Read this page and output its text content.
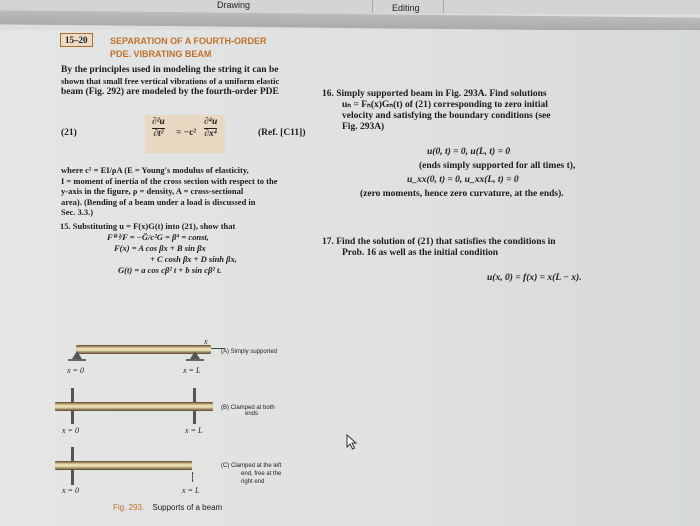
Drawing	Editing
15–20	SEPARATION OF A FOURTH-ORDER
PDE. VIBRATING BEAM
By the principles used in modeling the string it can be
shown that small free vertical vibrations of a uniform elastic
beam (Fig. 292) are modeled by the fourth-order PDE
(21)	$\frac{\text{∂²u}}{\text{∂t²}} = -c^2 \frac{\text{∂⁴u}}{\text{∂x⁴}}$	(Ref. [C11])
where c² = EI/ρA (E = Young's modulus of elasticity,
I = moment of inertia of the cross section with respect to the
y-axis in the figure, ρ = density, A = cross-sectional
area). (Bending of a beam under a load is discussed in
Sec. 3.3.)
15. Substituting u = F(x)G(t) into (21), show that
F⁽⁴⁾/F = −G̈/c²G = β⁴ = const,
F(x) = A cos βx + B sin βx
+ C cosh βx + D sinh βx,
G(t) = a cos cβ² t + b sin cβ² t.
16. Simply supported beam in Fig. 293A. Find solutions
uₙ = Fₙ(x)Gₙ(t) of (21) corresponding to zero initial
velocity and satisfying the boundary conditions (see
Fig. 293A)
u(0, t) = 0, u(L, t) = 0
(ends simply supported for all times t),
u_xx(0, t) = 0, u_xx(L, t) = 0
(zero moments, hence zero curvature, at the ends).
17. Find the solution of (21) that satisfies the conditions in
Prob. 16 as well as the initial condition
u(x, 0) = f(x) = x(L − x).
x
x = 0	x = L
(A) Simply supported
x = 0	x = L
(B) Clamped at both
ends
x = 0	x = L
(C) Clamped at the left
end, free at the
right end
Fig. 293. Supports of a beam
